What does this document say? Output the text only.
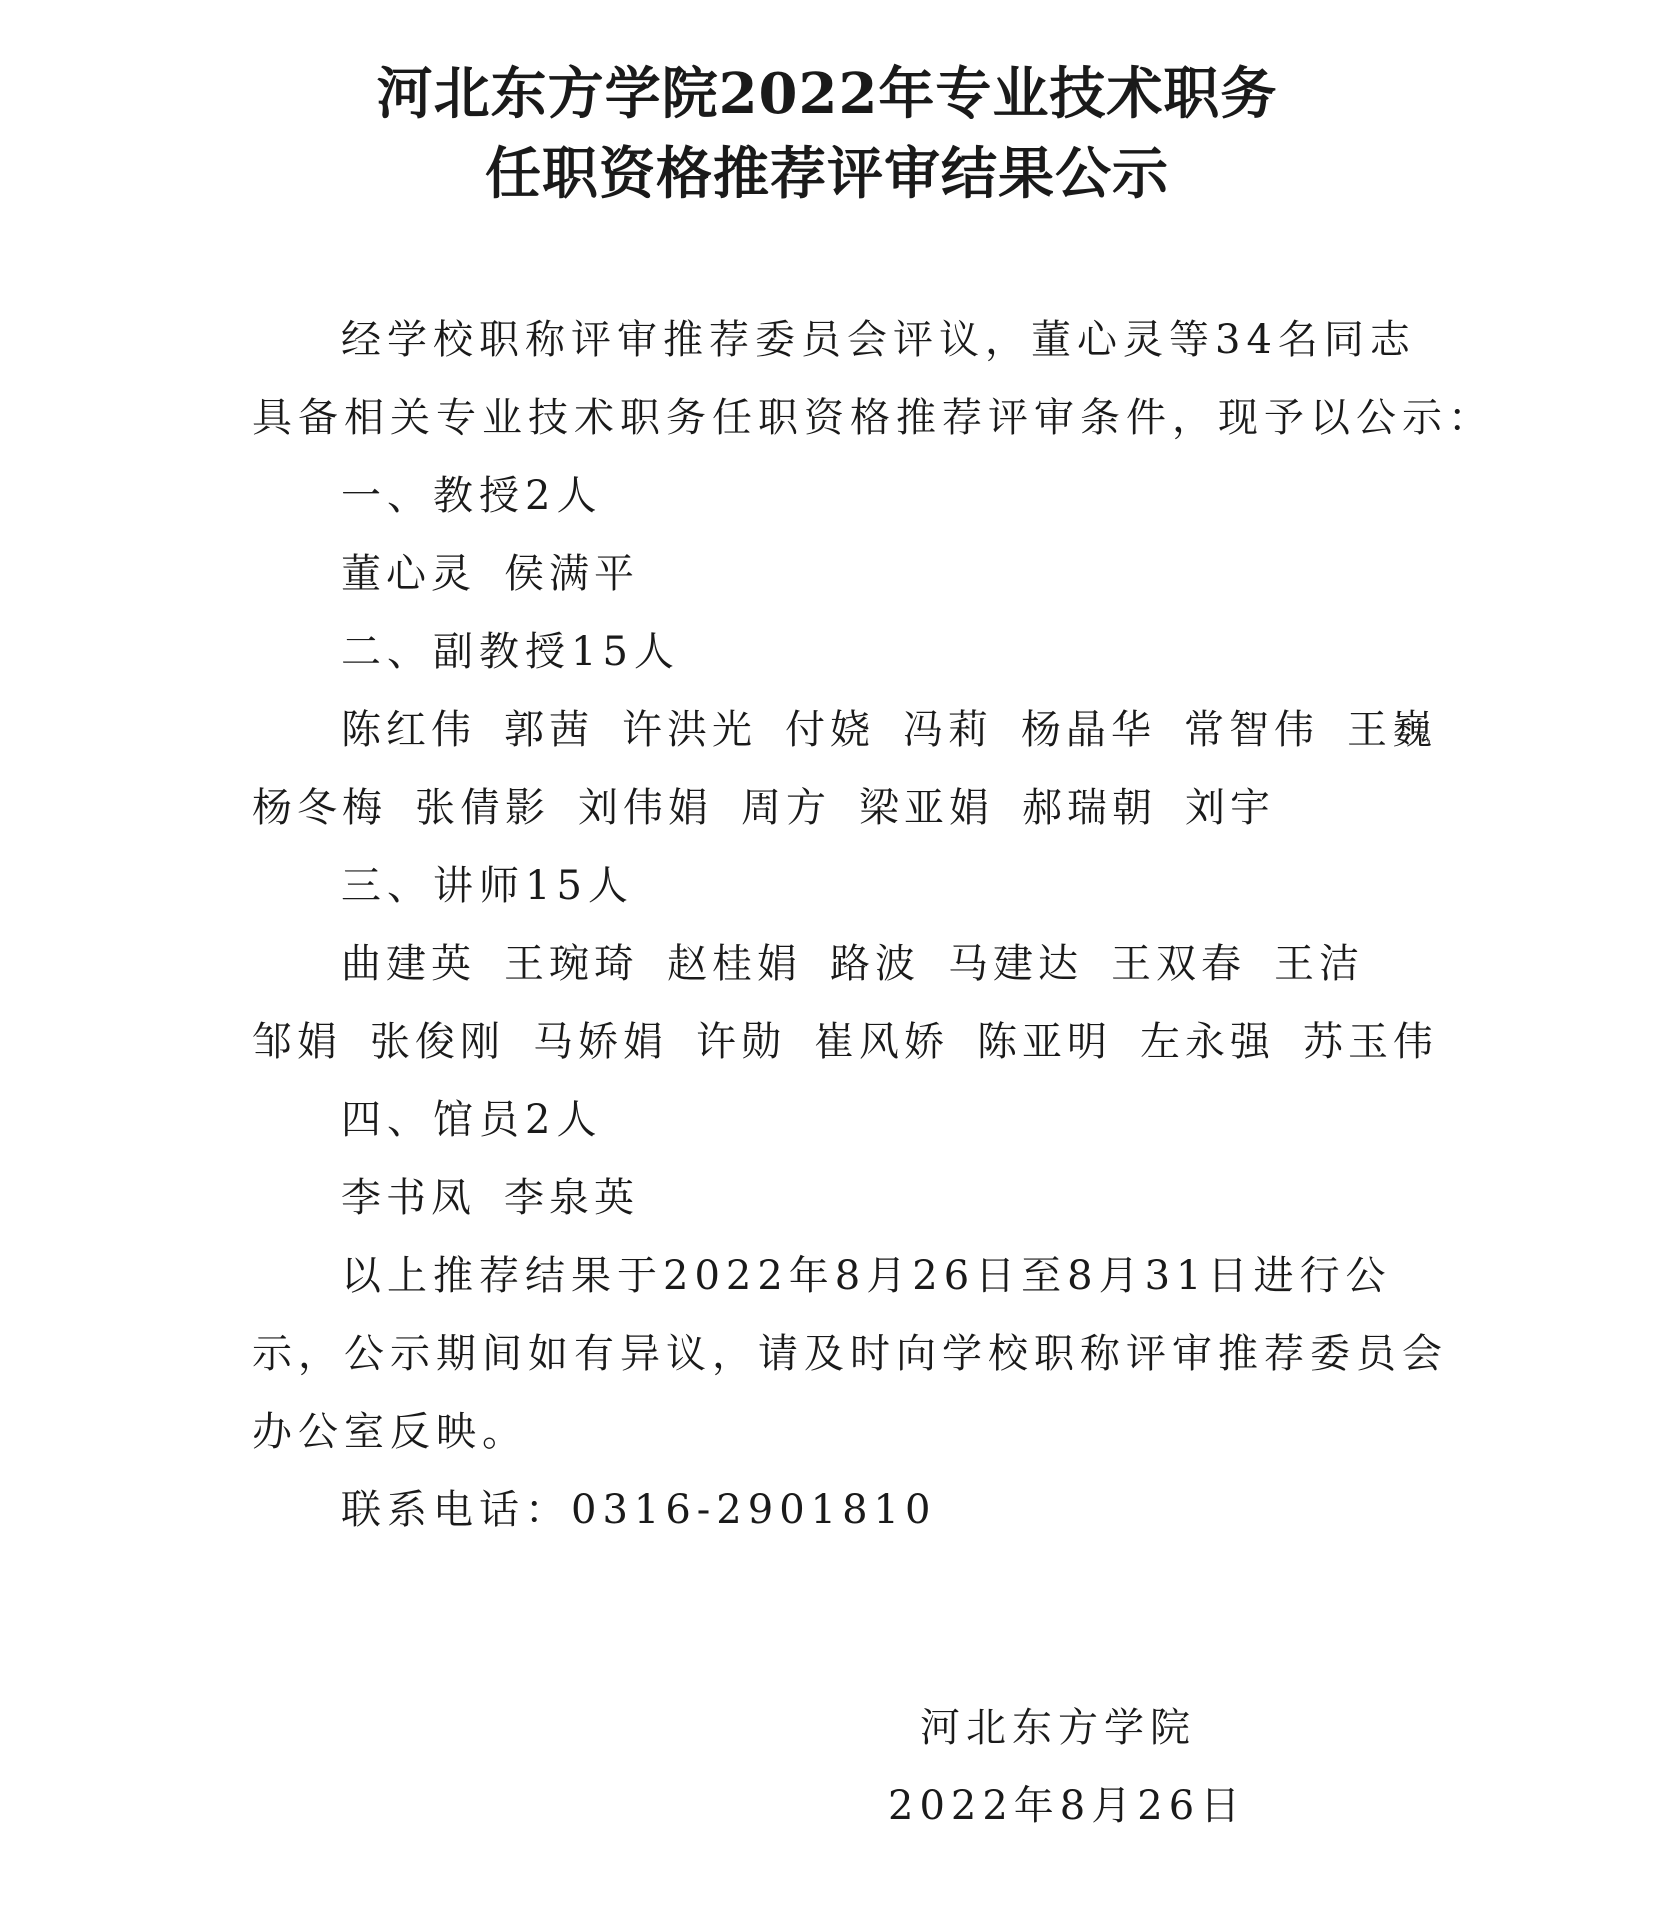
河北东方学院2022年专业技术职务
任职资格推荐评审结果公示
经学校职称评审推荐委员会评议，董心灵等34名同志
具备相关专业技术职务任职资格推荐评审条件，现予以公示：
一、教授2人
董心灵 侯满平
二、副教授15人
陈红伟 郭茜 许洪光 付娆 冯莉 杨晶华 常智伟 王巍
杨冬梅 张倩影 刘伟娟 周方 梁亚娟 郝瑞朝 刘宇
三、讲师15人
曲建英 王琬琦 赵桂娟 路波 马建达 王双春 王洁
邹娟 张俊刚 马娇娟 许勋 崔风娇 陈亚明 左永强 苏玉伟
四、馆员2人
李书凤 李泉英
以上推荐结果于2022年8月26日至8月31日进行公
示，公示期间如有异议，请及时向学校职称评审推荐委员会
办公室反映。
联系电话：0316-2901810
河北东方学院
2022年8月26日
